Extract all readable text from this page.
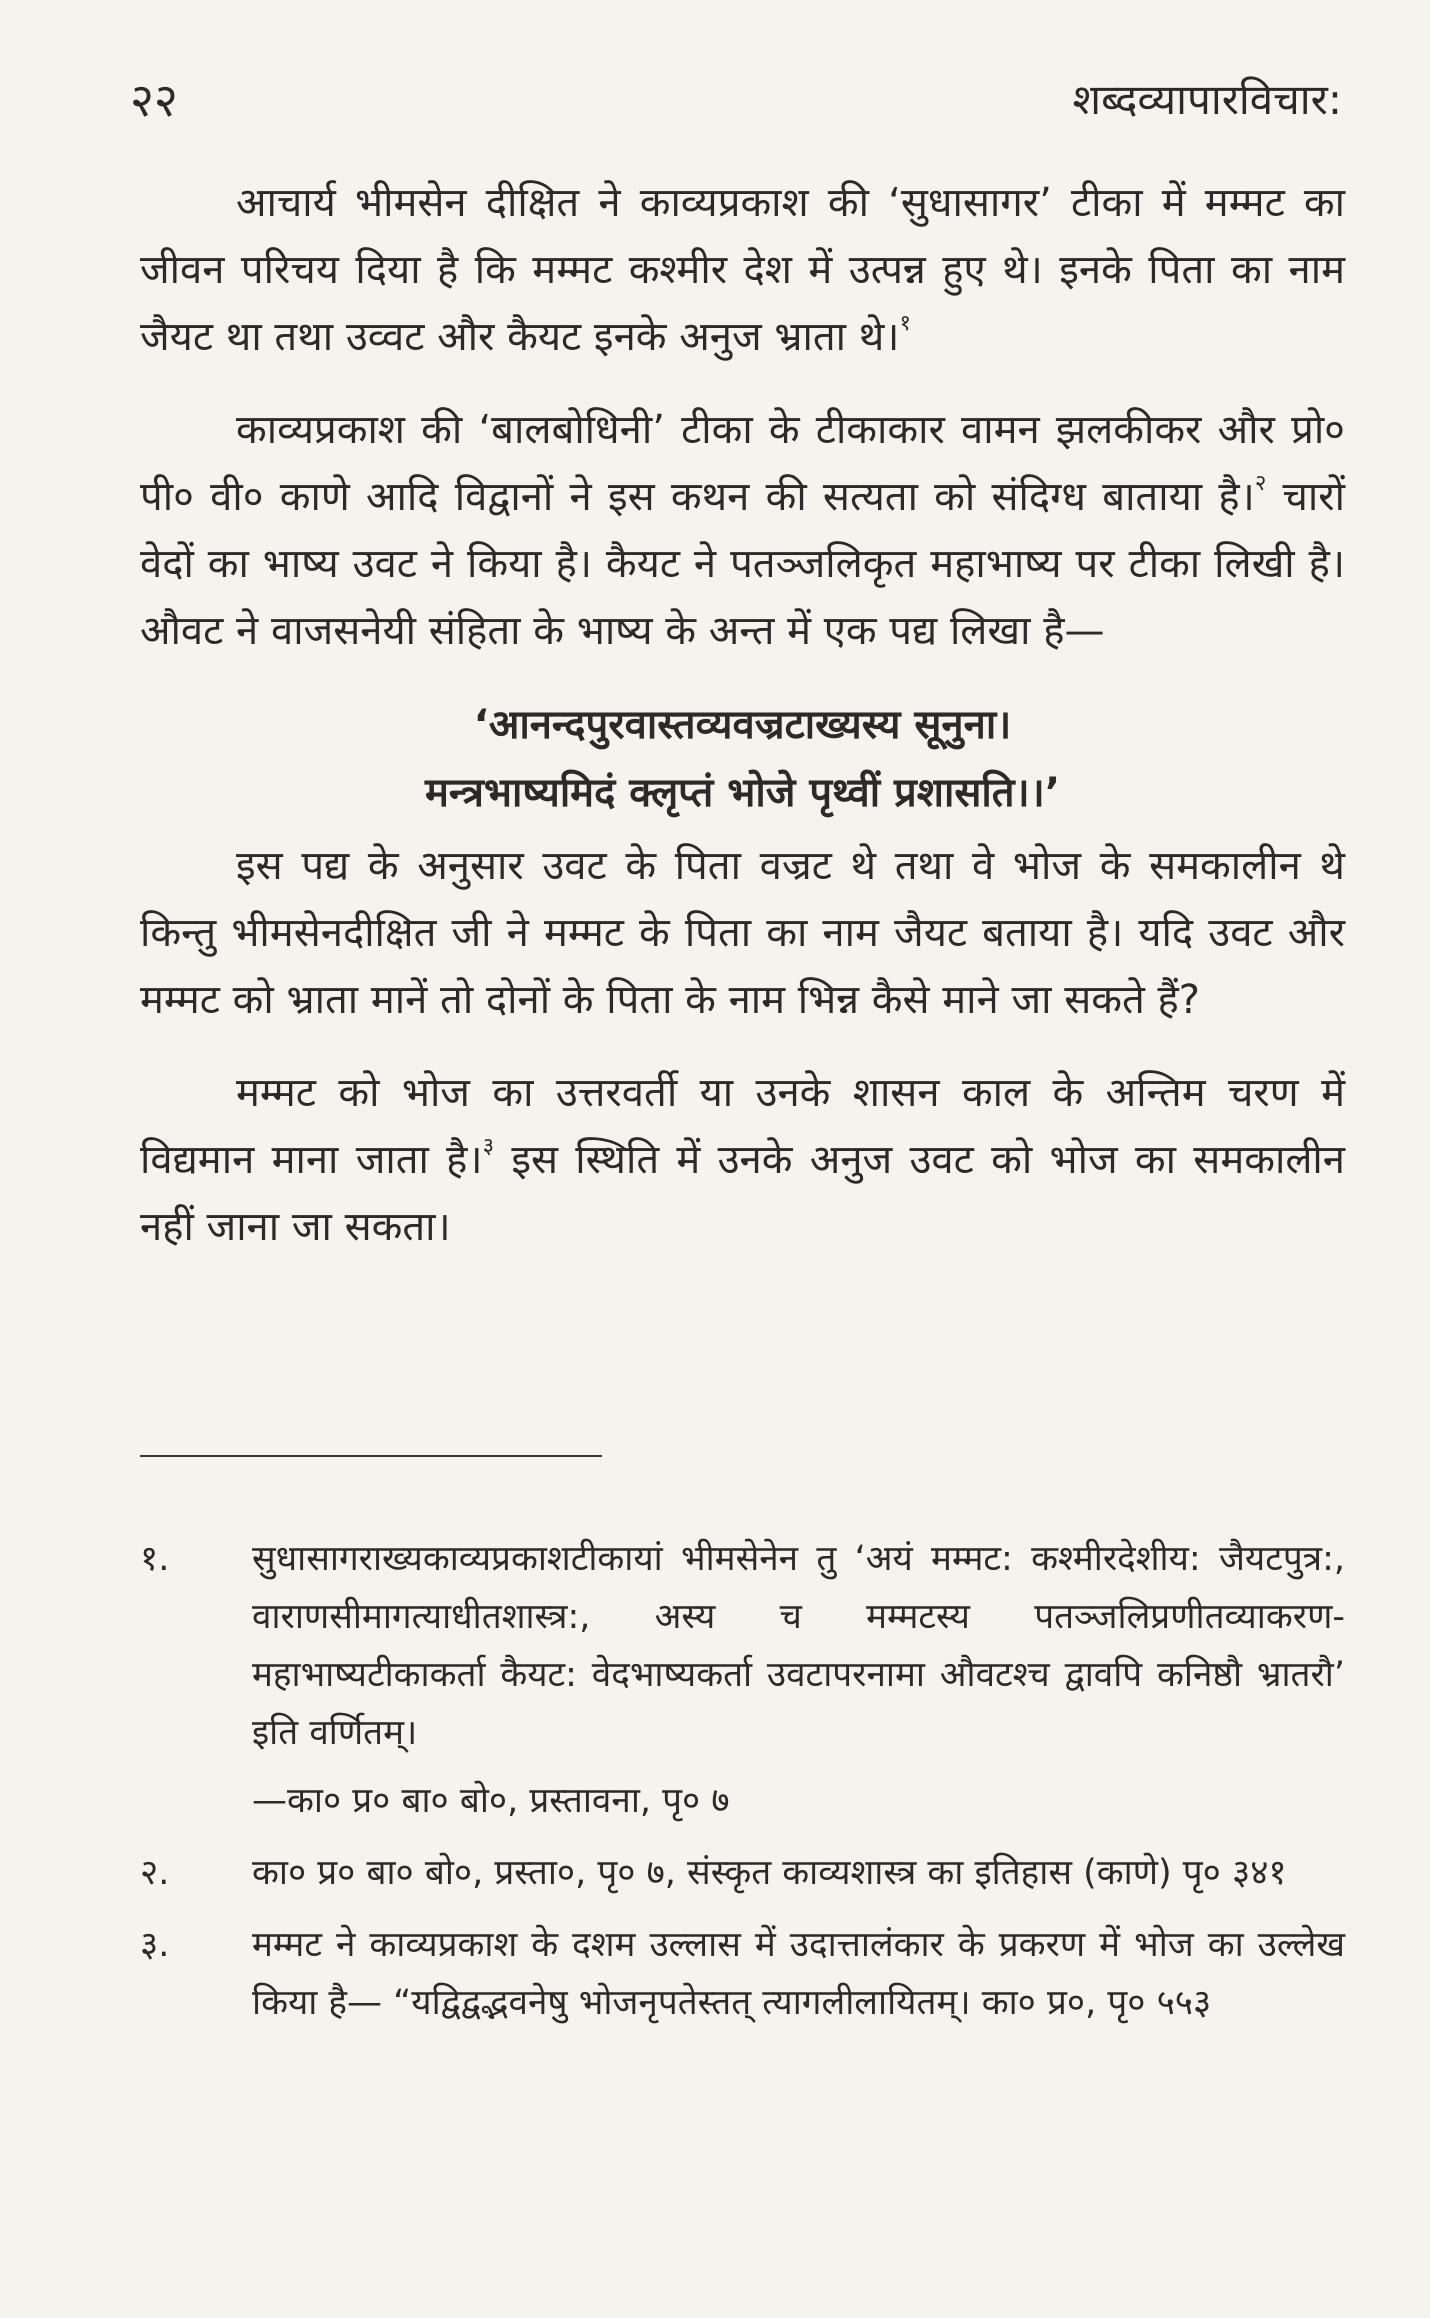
२२	शब्दव्यापारविचार:

आचार्य भीमसेन दीक्षित ने काव्यप्रकाश की ‘सुधासागर’ टीका में मम्मट का जीवन परिचय दिया है कि मम्मट कश्मीर देश में उत्पन्न हुए थे। इनके पिता का नाम जैयट था तथा उव्वट और कैयट इनके अनुज भ्राता थे।$^१$

काव्यप्रकाश की ‘बालबोधिनी’ टीका के टीकाकार वामन झलकीकर और प्रो० पी० वी० काणे आदि विद्वानों ने इस कथन की सत्यता को संदिग्ध बाताया है।$^२$ चारों वेदों का भाष्य उवट ने किया है। कैयट ने पतञ्जलिकृत महाभाष्य पर टीका लिखी है। औवट ने वाजसनेयी संहिता के भाष्य के अन्त में एक पद्य लिखा है—

‘आनन्दपुरवास्तव्यवज्रटाख्यस्य सूनुना।
मन्त्रभाष्यमिदं क्लृप्तं भोजे पृथ्वीं प्रशासति।।’

इस पद्य के अनुसार उवट के पिता वज्रट थे तथा वे भोज के समकालीन थे किन्तु भीमसेनदीक्षित जी ने मम्मट के पिता का नाम जैयट बताया है। यदि उवट और मम्मट को भ्राता मानें तो दोनों के पिता के नाम भिन्न कैसे माने जा सकते हैं?

मम्मट को भोज का उत्तरवर्ती या उनके शासन काल के अन्तिम चरण में विद्यमान माना जाता है।$^३$ इस स्थिति में उनके अनुज उवट को भोज का समकालीन नहीं जाना जा सकता।

१. सुधासागराख्यकाव्यप्रकाशटीकायां भीमसेनेन तु ‘अयं मम्मट: कश्मीरदेशीय: जैयटपुत्र:, वाराणसीमागत्याधीतशास्त्र:, अस्य च मम्मटस्य पतञ्जलिप्रणीतव्याकरण-महाभाष्यटीकाकर्ता कैयट: वेदभाष्यकर्ता उवटापरनामा औवटश्च द्वावपि कनिष्ठौ भ्रातरौ’ इति वर्णितम्।
—का० प्र० बा० बो०, प्रस्तावना, पृ० ७
२. का० प्र० बा० बो०, प्रस्ता०, पृ० ७, संस्कृत काव्यशास्त्र का इतिहास (काणे) पृ० ३४१
३. मम्मट ने काव्यप्रकाश के दशम उल्लास में उदात्तालंकार के प्रकरण में भोज का उल्लेख किया है— “यद्विद्वद्भवनेषु भोजनृपतेस्तत् त्यागलीलायितम्। का० प्र०, पृ० ५५३
